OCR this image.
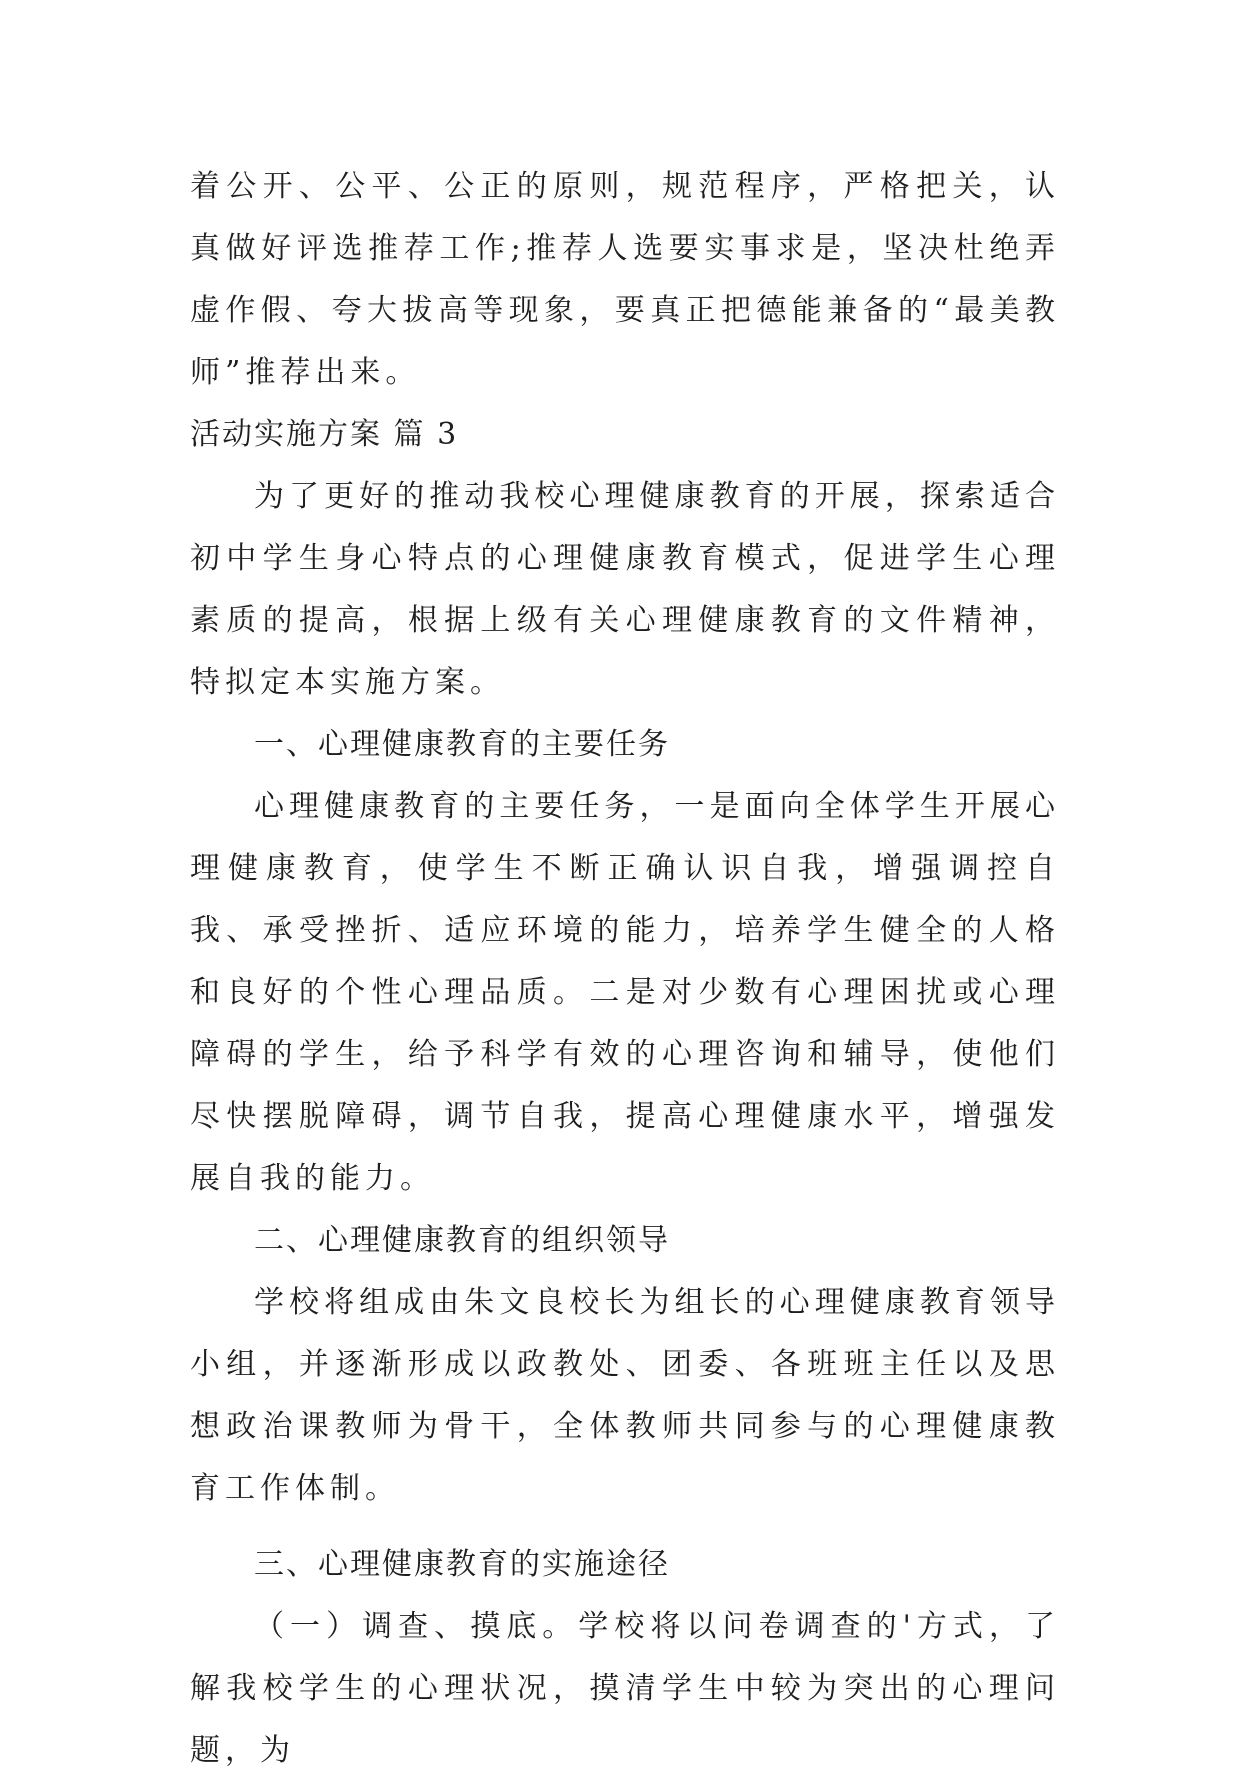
着公开、公平、公正的原则，规范程序，严格把关，认真做好评选推荐工作;推荐人选要实事求是，坚决杜绝弄虚作假、夸大拔高等现象，要真正把德能兼备的“最美教师”推荐出来。

活动实施方案 篇 3

为了更好的推动我校心理健康教育的开展，探索适合初中学生身心特点的心理健康教育模式，促进学生心理素质的提高，根据上级有关心理健康教育的文件精神，特拟定本实施方案。

一、心理健康教育的主要任务

心理健康教育的主要任务，一是面向全体学生开展心理健康教育，使学生不断正确认识自我，增强调控自我、承受挫折、适应环境的能力，培养学生健全的人格和良好的个性心理品质。二是对少数有心理困扰或心理障碍的学生，给予科学有效的心理咨询和辅导，使他们尽快摆脱障碍，调节自我，提高心理健康水平，增强发展自我的能力。

二、心理健康教育的组织领导

学校将组成由朱文良校长为组长的心理健康教育领导小组，并逐渐形成以政教处、团委、各班班主任以及思想政治课教师为骨干，全体教师共同参与的心理健康教育工作体制。

三、心理健康教育的实施途径

（一）调查、摸底。学校将以问卷调查的'方式，了解我校学生的心理状况，摸清学生中较为突出的心理问题，为
